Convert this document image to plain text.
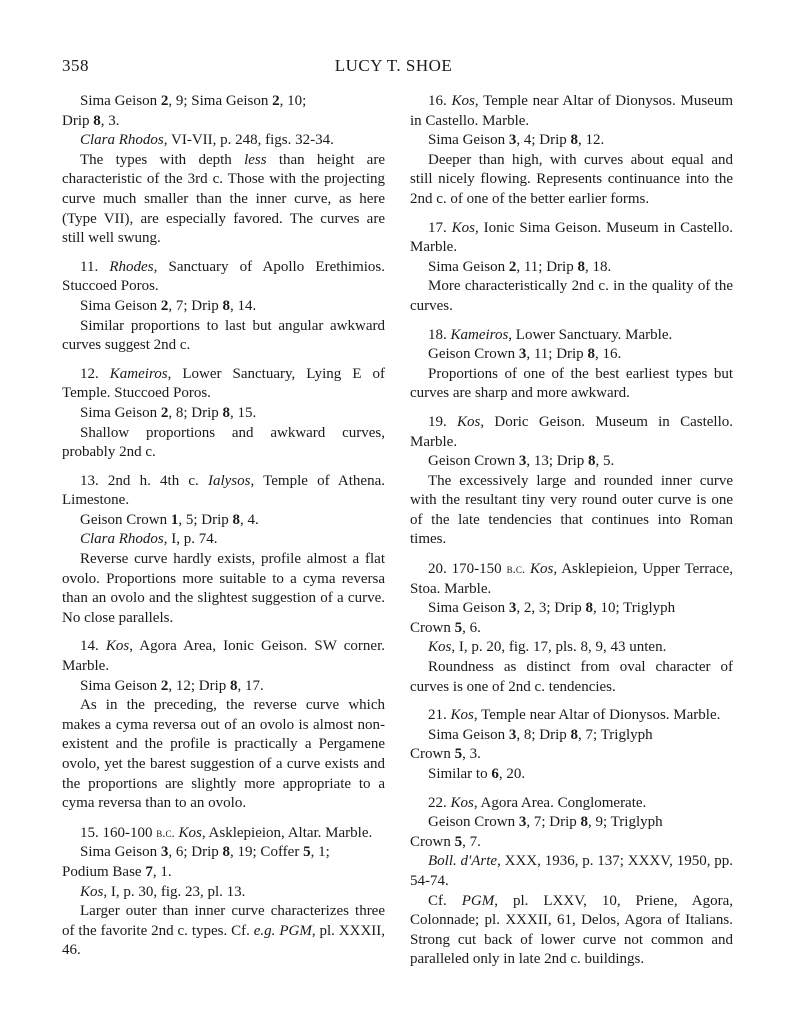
358	LUCY T. SHOE

Sima Geison 2, 9; Sima Geison 2, 10;

Drip 8, 3.

Clara Rhodos, VI-VII, p. 248, figs. 32-34.

The types with depth less than height are characteristic of the 3rd c. Those with the projecting curve much smaller than the inner curve, as here (Type VII), are especially favored. The curves are still well swung.

11. Rhodes, Sanctuary of Apollo Erethimios. Stuccoed Poros.

Sima Geison 2, 7; Drip 8, 14.

Similar proportions to last but angular awkward curves suggest 2nd c.

12. Kameiros, Lower Sanctuary, Lying E of Temple. Stuccoed Poros.

Sima Geison 2, 8; Drip 8, 15.

Shallow proportions and awkward curves, probably 2nd c.

13. 2nd h. 4th c. Ialysos, Temple of Athena. Limestone.

Geison Crown 1, 5; Drip 8, 4.

Clara Rhodos, I, p. 74.

Reverse curve hardly exists, profile almost a flat ovolo. Proportions more suitable to a cyma reversa than an ovolo and the slightest suggestion of a curve. No close parallels.

14. Kos, Agora Area, Ionic Geison. SW corner. Marble.

Sima Geison 2, 12; Drip 8, 17.

As in the preceding, the reverse curve which makes a cyma reversa out of an ovolo is almost non-existent and the profile is practically a Pergamene ovolo, yet the barest suggestion of a curve exists and the proportions are slightly more appropriate to a cyma reversa than to an ovolo.

15. 160-100 b.c. Kos, Asklepieion, Altar. Marble.

Sima Geison 3, 6; Drip 8, 19; Coffer 5, 1;

Podium Base 7, 1.

Kos, I, p. 30, fig. 23, pl. 13.

Larger outer than inner curve characterizes three of the favorite 2nd c. types. Cf. e.g. PGM, pl. XXXII, 46.

16. Kos, Temple near Altar of Dionysos. Museum in Castello. Marble.

Sima Geison 3, 4; Drip 8, 12.

Deeper than high, with curves about equal and still nicely flowing. Represents continuance into the 2nd c. of one of the better earlier forms.

17. Kos, Ionic Sima Geison. Museum in Castello. Marble.

Sima Geison 2, 11; Drip 8, 18.

More characteristically 2nd c. in the quality of the curves.

18. Kameiros, Lower Sanctuary. Marble.

Geison Crown 3, 11; Drip 8, 16.

Proportions of one of the best earliest types but curves are sharp and more awkward.

19. Kos, Doric Geison. Museum in Castello. Marble.

Geison Crown 3, 13; Drip 8, 5.

The excessively large and rounded inner curve with the resultant tiny very round outer curve is one of the late tendencies that continues into Roman times.

20. 170-150 b.c. Kos, Asklepieion, Upper Terrace, Stoa. Marble.

Sima Geison 3, 2, 3; Drip 8, 10; Triglyph

Crown 5, 6.

Kos, I, p. 20, fig. 17, pls. 8, 9, 43 unten.

Roundness as distinct from oval character of curves is one of 2nd c. tendencies.

21. Kos, Temple near Altar of Dionysos. Marble.

Sima Geison 3, 8; Drip 8, 7; Triglyph

Crown 5, 3.

Similar to 6, 20.

22. Kos, Agora Area. Conglomerate.

Geison Crown 3, 7; Drip 8, 9; Triglyph

Crown 5, 7.

Boll. d'Arte, XXX, 1936, p. 137; XXXV, 1950, pp. 54-74.

Cf. PGM, pl. LXXV, 10, Priene, Agora, Colonnade; pl. XXXII, 61, Delos, Agora of Italians. Strong cut back of lower curve not common and paralleled only in late 2nd c. buildings.
